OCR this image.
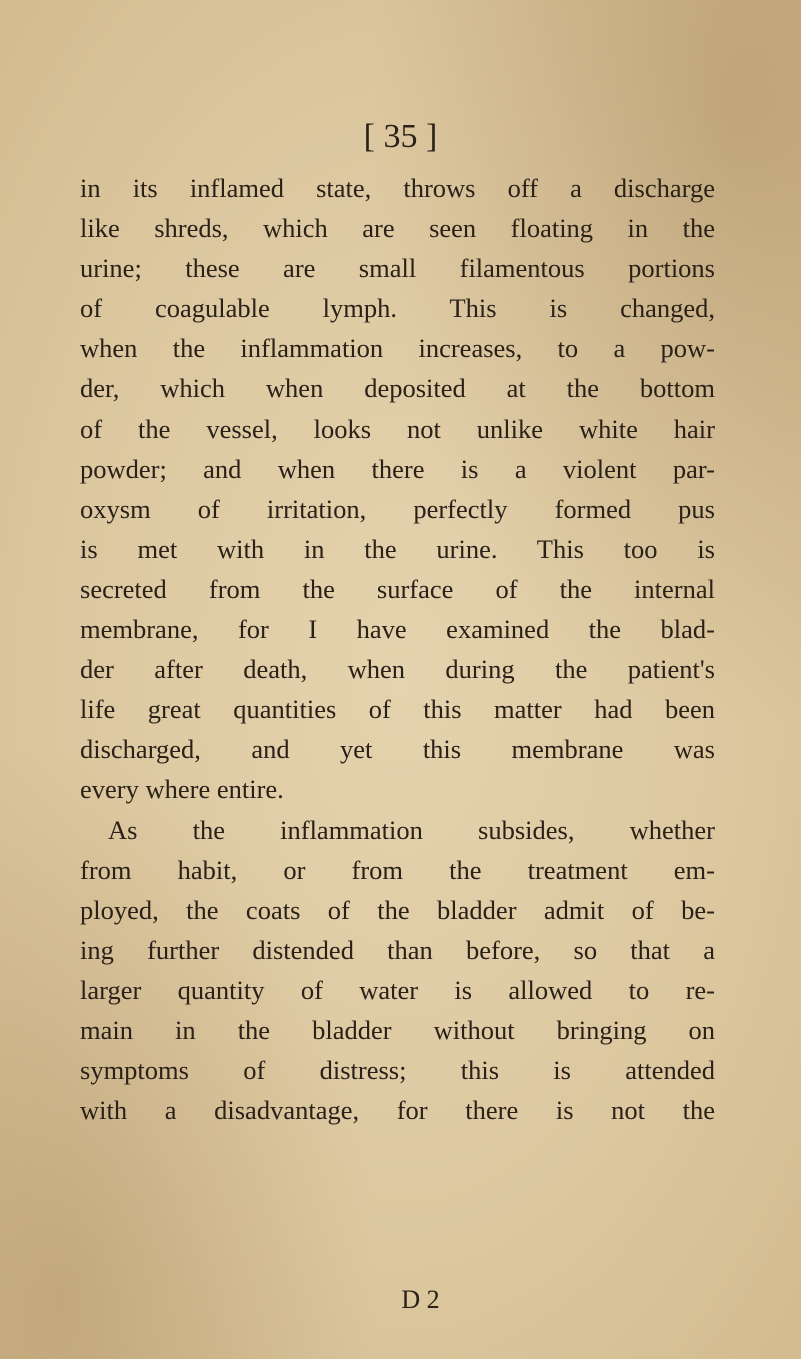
[ 35 ]
in its inflamed state, throws off a discharge
like shreds, which are seen floating in the
urine; these are small filamentous portions
of coagulable lymph. This is changed,
when the inflammation increases, to a pow-
der, which when deposited at the bottom
of the vessel, looks not unlike white hair
powder; and when there is a violent par-
oxysm of irritation, perfectly formed pus
is met with in the urine. This too is
secreted from the surface of the internal
membrane, for I have examined the blad-
der after death, when during the patient's
life great quantities of this matter had been
discharged, and yet this membrane was
every where entire.
As the inflammation subsides, whether
from habit, or from the treatment em-
ployed, the coats of the bladder admit of be-
ing further distended than before, so that a
larger quantity of water is allowed to re-
main in the bladder without bringing on
symptoms of distress; this is attended
with a disadvantage, for there is not the
D 2
